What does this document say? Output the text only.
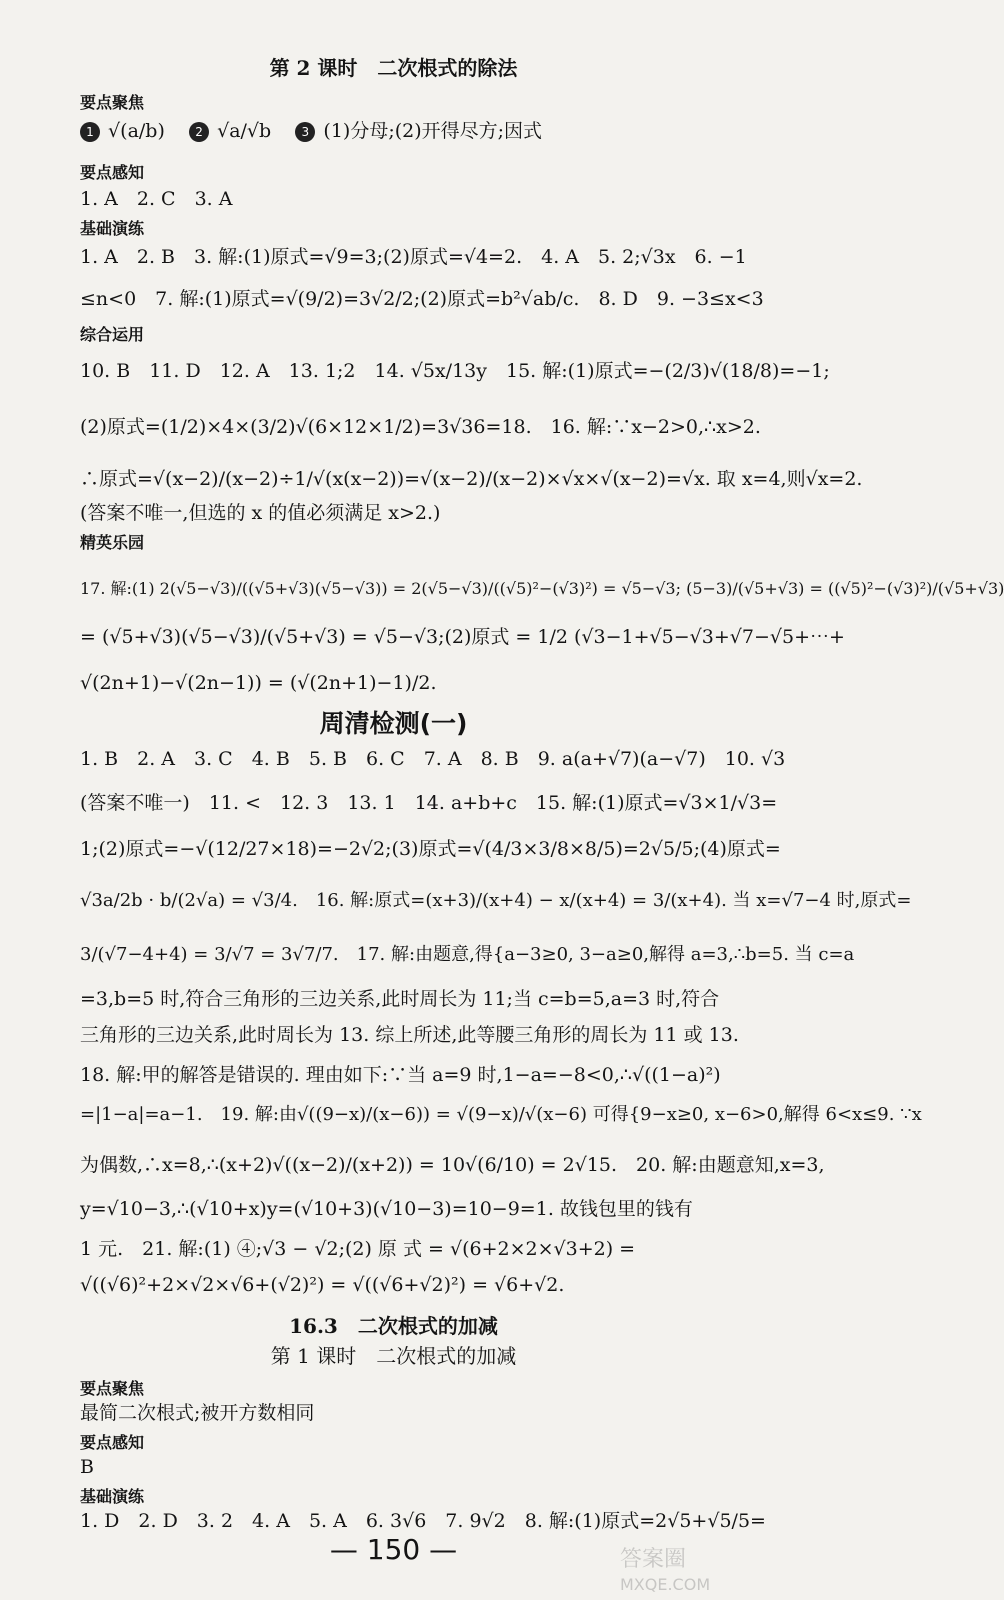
第 2 课时　二次根式的除法
要点聚焦
1 √(a/b)	2 √a/√b	3 (1)分母;(2)开得尽方;因式
要点感知
1. A　2. C　3. A
基础演练
1. A　2. B　3. 解:(1)原式=√9=3;(2)原式=√4=2.　4. A　5. 2;√3x　6. −1
≤n<0　7. 解:(1)原式=√(9/2)=3√2/2;(2)原式=b²√ab/c.　8. D　9. −3≤x<3
综合运用
10. B　11. D　12. A　13. 1;2　14. √5x/13y　15. 解:(1)原式=−(2/3)√(18/8)=−1;
(2)原式=(1/2)×4×(3/2)√(6×12×1/2)=3√36=18.　16. 解:∵x−2>0,∴x>2.
∴原式=√(x−2)/(x−2)÷1/√(x(x−2))=√(x−2)/(x−2)×√x×√(x−2)=√x. 取 x=4,则√x=2.
(答案不唯一,但选的 x 的值必须满足 x>2.)
精英乐园
17. 解:(1) 2(√5−√3)/((√5+√3)(√5−√3)) = 2(√5−√3)/((√5)²−(√3)²) = √5−√3; (5−3)/(√5+√3) = ((√5)²−(√3)²)/(√5+√3)
= (√5+√3)(√5−√3)/(√5+√3) = √5−√3;(2)原式 = 1/2 (√3−1+√5−√3+√7−√5+⋯+
√(2n+1)−√(2n−1)) = (√(2n+1)−1)/2.
周清检测(一)
1. B　2. A　3. C　4. B　5. B　6. C　7. A　8. B　9. a(a+√7)(a−√7)　10. √3
(答案不唯一)　11. <　12. 3　13. 1　14. a+b+c　15. 解:(1)原式=√3×1/√3=
1;(2)原式=−√(12/27×18)=−2√2;(3)原式=√(4/3×3/8×8/5)=2√5/5;(4)原式=
√3a/2b · b/(2√a) = √3/4.　16. 解:原式=(x+3)/(x+4) − x/(x+4) = 3/(x+4). 当 x=√7−4 时,原式=
3/(√7−4+4) = 3/√7 = 3√7/7.　17. 解:由题意,得{a−3≥0, 3−a≥0,解得 a=3,∴b=5. 当 c=a
=3,b=5 时,符合三角形的三边关系,此时周长为 11;当 c=b=5,a=3 时,符合
三角形的三边关系,此时周长为 13. 综上所述,此等腰三角形的周长为 11 或 13.
18. 解:甲的解答是错误的. 理由如下:∵当 a=9 时,1−a=−8<0,∴√((1−a)²)
=|1−a|=a−1.　19. 解:由√((9−x)/(x−6)) = √(9−x)/√(x−6) 可得{9−x≥0, x−6>0,解得 6<x≤9. ∵x
为偶数,∴x=8,∴(x+2)√((x−2)/(x+2)) = 10√(6/10) = 2√15.　20. 解:由题意知,x=3,
y=√10−3,∴(√10+x)y=(√10+3)(√10−3)=10−9=1. 故钱包里的钱有
1 元.　21. 解:(1) ④;√3 − √2;(2) 原 式 = √(6+2×2×√3+2) =
√((√6)²+2×√2×√6+(√2)²) = √((√6+√2)²) = √6+√2.
16.3　二次根式的加减
第 1 课时　二次根式的加减
要点聚焦
最简二次根式;被开方数相同
要点感知
B
基础演练
1. D　2. D　3. 2　4. A　5. A　6. 3√6　7. 9√2　8. 解:(1)原式=2√5+√5/5=
— 150 —	答案圈
MXQE.COM
